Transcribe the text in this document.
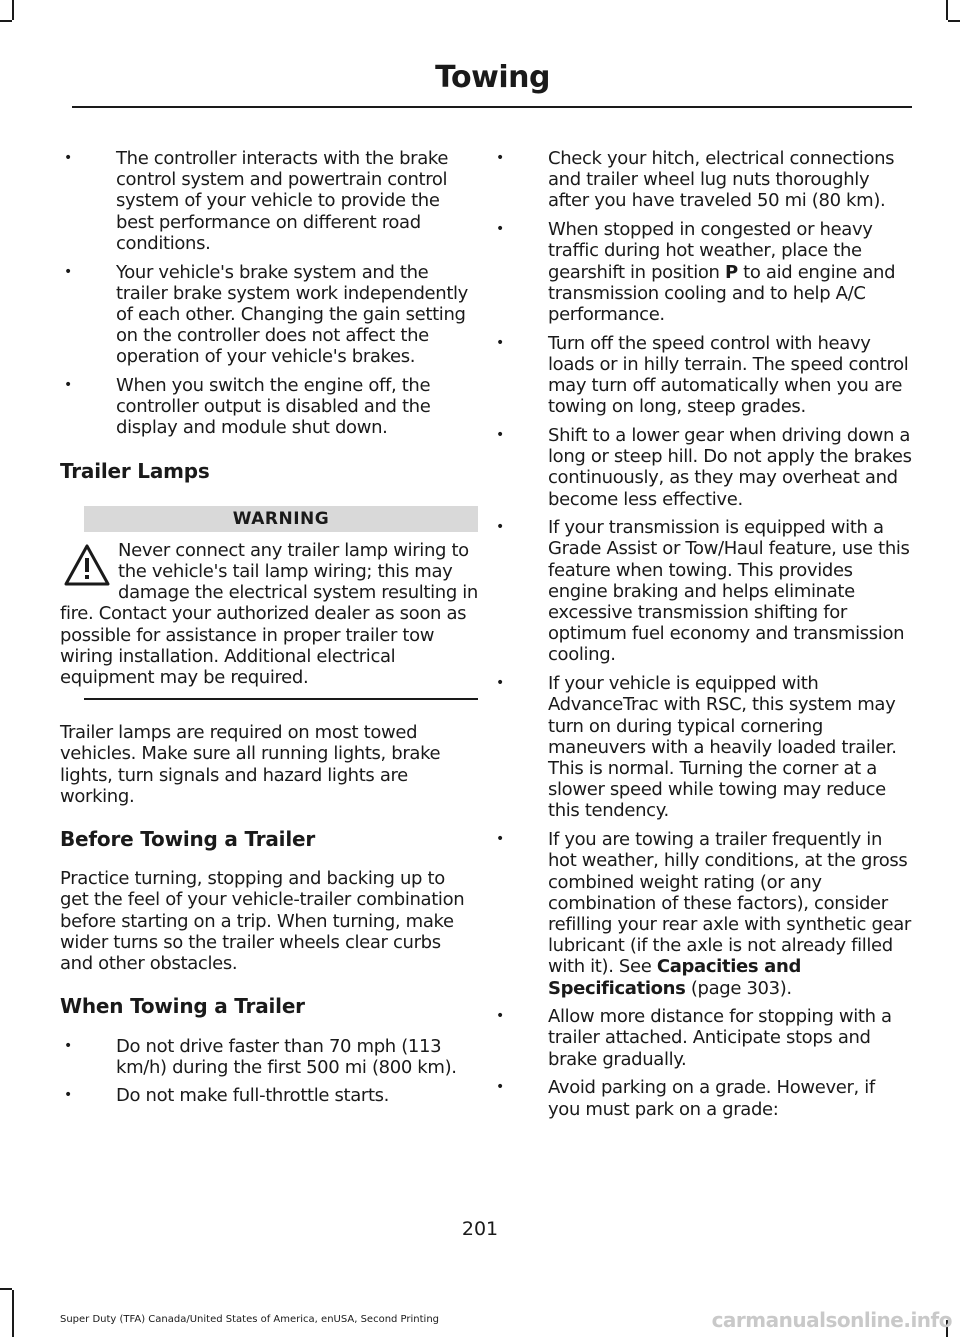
Towing
The controller interacts with the brake control system and powertrain control system of your vehicle to provide the best performance on different road conditions.
Your vehicle's brake system and the trailer brake system work independently of each other. Changing the gain setting on the controller does not affect the operation of your vehicle's brakes.
When you switch the engine off, the controller output is disabled and the display and module shut down.
Trailer Lamps
WARNING
Never connect any trailer lamp wiring to the vehicle's tail lamp wiring; this may damage the electrical system resulting in fire. Contact your authorized dealer as soon as possible for assistance in proper trailer tow wiring installation. Additional electrical equipment may be required.

Trailer lamps are required on most towed vehicles. Make sure all running lights, brake lights, turn signals and hazard lights are working.

Before Towing a Trailer

Practice turning, stopping and backing up to get the feel of your vehicle-trailer combination before starting on a trip. When turning, make wider turns so the trailer wheels clear curbs and other obstacles.

When Towing a Trailer
Do not drive faster than 70 mph (113 km/h) during the first 500 mi (800 km).
Do not make full-throttle starts.
Check your hitch, electrical connections and trailer wheel lug nuts thoroughly after you have traveled 50 mi (80 km).
When stopped in congested or heavy traffic during hot weather, place the gearshift in position P to aid engine and transmission cooling and to help A/C performance.
Turn off the speed control with heavy loads or in hilly terrain. The speed control may turn off automatically when you are towing on long, steep grades.
Shift to a lower gear when driving down a long or steep hill. Do not apply the brakes continuously, as they may overheat and become less effective.
If your transmission is equipped with a Grade Assist or Tow/Haul feature, use this feature when towing. This provides engine braking and helps eliminate excessive transmission shifting for optimum fuel economy and transmission cooling.
If your vehicle is equipped with AdvanceTrac with RSC, this system may turn on during typical cornering maneuvers with a heavily loaded trailer. This is normal. Turning the corner at a slower speed while towing may reduce this tendency.
If you are towing a trailer frequently in hot weather, hilly conditions, at the gross combined weight rating (or any combination of these factors), consider refilling your rear axle with synthetic gear lubricant (if the axle is not already filled with it). See Capacities and Specifications (page 303).
Allow more distance for stopping with a trailer attached. Anticipate stops and brake gradually.
Avoid parking on a grade. However, if you must park on a grade:
201
Super Duty (TFA) Canada/United States of America, enUSA, Second Printing	carmanualsonline.info
